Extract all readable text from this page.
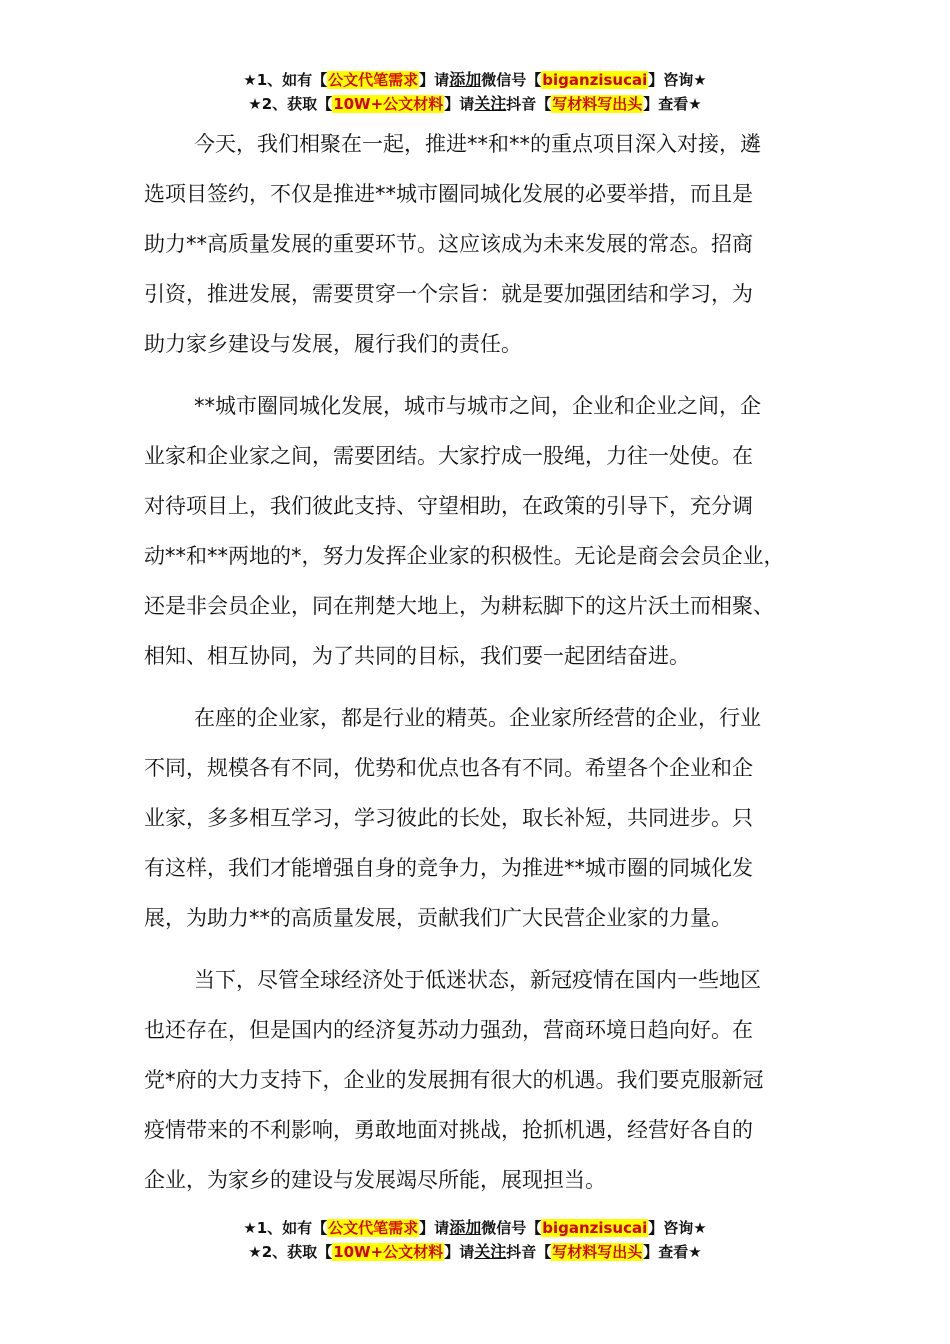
★1、如有【公文代笔需求】请添加微信号【biganzisucai】咨询★
★2、获取【10W+公文材料】请关注抖音【写材料写出头】查看★
今天，我们相聚在一起，推进**和**的重点项目深入对接，遴
选项目签约，不仅是推进**城市圈同城化发展的必要举措，而且是
助力**高质量发展的重要环节。这应该成为未来发展的常态。招商
引资，推进发展，需要贯穿一个宗旨：就是要加强团结和学习，为
助力家乡建设与发展，履行我们的责任。
**城市圈同城化发展，城市与城市之间，企业和企业之间，企
业家和企业家之间，需要团结。大家拧成一股绳，力往一处使。在
对待项目上，我们彼此支持、守望相助，在政策的引导下，充分调
动**和**两地的*，努力发挥企业家的积极性。无论是商会会员企业，
还是非会员企业，同在荆楚大地上，为耕耘脚下的这片沃土而相聚、
相知、相互协同，为了共同的目标，我们要一起团结奋进。
在座的企业家，都是行业的精英。企业家所经营的企业，行业
不同，规模各有不同，优势和优点也各有不同。希望各个企业和企
业家，多多相互学习，学习彼此的长处，取长补短，共同进步。只
有这样，我们才能增强自身的竞争力，为推进**城市圈的同城化发
展，为助力**的高质量发展，贡献我们广大民营企业家的力量。
当下，尽管全球经济处于低迷状态，新冠疫情在国内一些地区
也还存在，但是国内的经济复苏动力强劲，营商环境日趋向好。在
党*府的大力支持下，企业的发展拥有很大的机遇。我们要克服新冠
疫情带来的不利影响，勇敢地面对挑战，抢抓机遇，经营好各自的
企业，为家乡的建设与发展竭尽所能，展现担当。
★1、如有【公文代笔需求】请添加微信号【biganzisucai】咨询★
★2、获取【10W+公文材料】请关注抖音【写材料写出头】查看★
